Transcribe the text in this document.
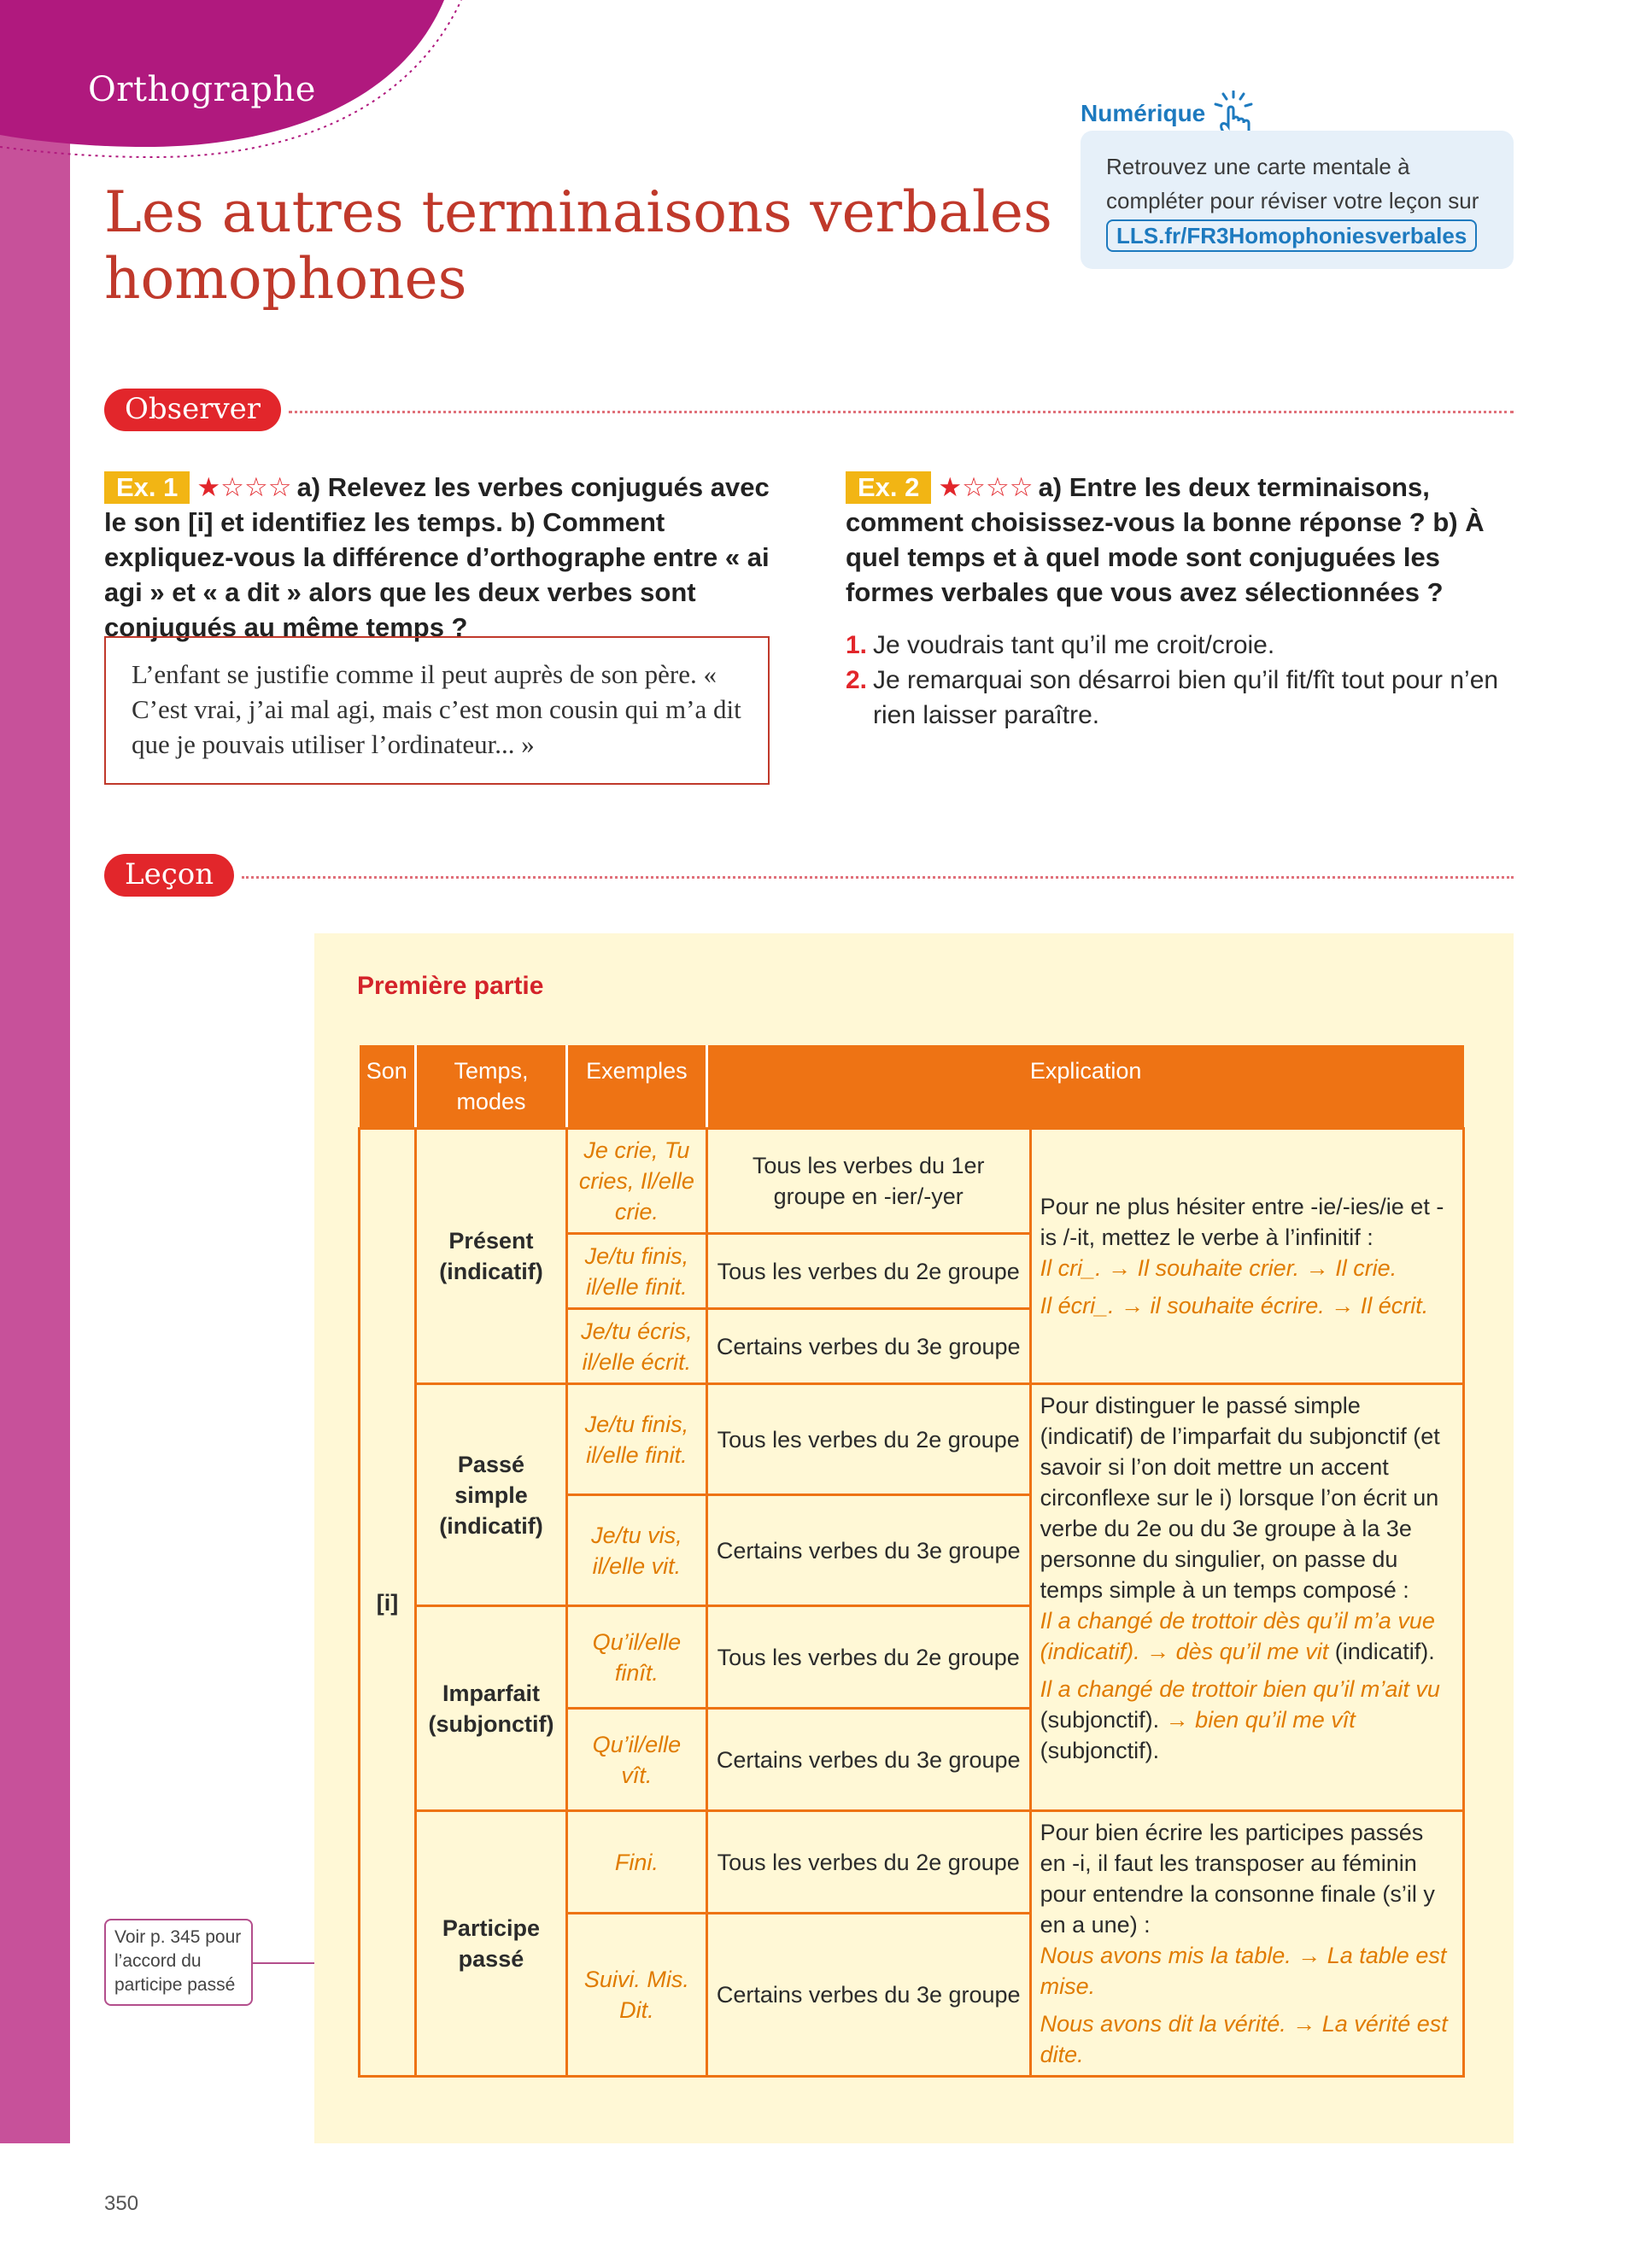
Orthographe
Les autres terminaisons verbales
homophones
Numérique
Retrouvez une carte mentale à
compléter pour réviser votre leçon sur
LLS.fr/FR3Homophoniesverbales
Observer
Ex. 1 ★☆☆☆ a) Relevez les verbes conjugués avec le son [i] et identifiez les temps. b) Comment expliquez-vous la différence d’orthographe entre « ai agi » et « a dit » alors que les deux verbes sont conjugués au même temps ?
L’enfant se justifie comme il peut auprès de son père. « C’est vrai, j’ai mal agi, mais c’est mon cousin qui m’a dit que je pouvais utiliser l’ordinateur... »
Ex. 2 ★☆☆☆ a) Entre les deux terminaisons, comment choisissez-vous la bonne réponse ? b) À quel temps et à quel mode sont conjuguées les formes verbales que vous avez sélectionnées ?
1. Je voudrais tant qu’il me croit/croie.
2. Je remarquai son désarroi bien qu’il fit/fît tout pour n’en rien laisser paraître.
Leçon
Première partie
Son	Temps, modes	Exemples	Explication	
[i]	Présent (indicatif)	Je crie, Tu cries, Il/elle crie.	Tous les verbes du 1er groupe en -ier/-yer	Pour ne plus hésiter entre -ie/-ies/ie et -is /-it, mettez le verbe à l’infinitif :
Il cri_. → Il souhaite crier. → Il crie.
Il écri_. → il souhaite écrire. → Il écrit.

		Je/tu finis, il/elle finit.	Tous les verbes du 2e groupe	
		Je/tu écris, il/elle écrit.	Certains verbes du 3e groupe	
	Passé simple (indicatif)	Je/tu finis, il/elle finit.	Tous les verbes du 2e groupe	Pour distinguer le passé simple (indicatif) de l’imparfait du subjonctif (et savoir si l’on doit mettre un accent circonflexe sur le i) lorsque l’on écrit un verbe du 2e ou du 3e groupe à la 3e personne du singulier, on passe du temps simple à un temps composé :
Il a changé de trottoir dès qu’il m’a vue (indicatif). → dès qu’il me vit (indicatif).
Il a changé de trottoir bien qu’il m’ait vu (subjonctif). → bien qu’il me vît (subjonctif).

		Je/tu vis, il/elle vit.	Certains verbes du 3e groupe	
	Imparfait (subjonctif)	Qu’il/elle finît.	Tous les verbes du 2e groupe	
		Qu’il/elle vît.	Certains verbes du 3e groupe	
	Participe passé	Fini.	Tous les verbes du 2e groupe	Pour bien écrire les participes passés en -i, il faut les transposer au féminin pour entendre la consonne finale (s’il y en a une) :
Nous avons mis la table. → La table est mise.
Nous avons dit la vérité. → La vérité est dite.

		Suivi. Mis. Dit.	Certains verbes du 3e groupe	
Voir p. 345 pour l’accord du participe passé
350
